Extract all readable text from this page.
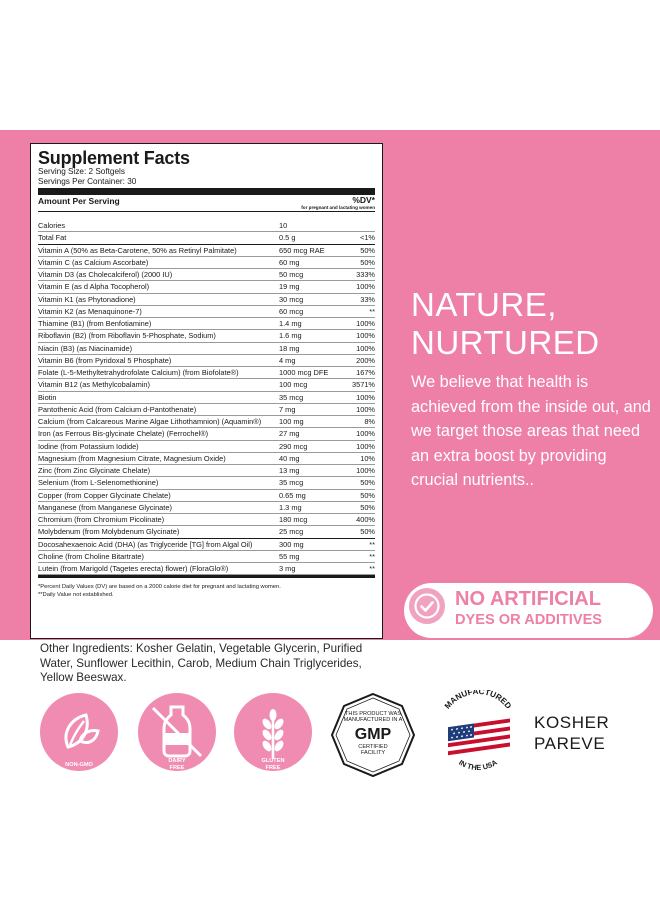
Supplement Facts
Serving Size: 2 Softgels
Servings Per Container: 30
Amount Per Serving	%DV*
for pregnant and lactating women
Calories	10
Total Fat	0.5 g	<1%
Vitamin A (50% as Beta-Carotene, 50% as Retinyl Palmitate)	650 mcg RAE	50%
Vitamin C (as Calcium Ascorbate)	60 mg	50%
Vitamin D3 (as Cholecalciferol) (2000 IU)	50 mcg	333%
Vitamin E (as d Alpha Tocopherol)	19 mg	100%
Vitamin K1 (as Phytonadione)	30 mcg	33%
Vitamin K2 (as Menaquinone-7)	60 mcg	**
Thiamine (B1) (from Benfotiamine)	1.4 mg	100%
Riboflavin (B2) (from Riboflavin 5-Phosphate, Sodium)	1.6 mg	100%
Niacin (B3) (as Niacinamide)	18 mg	100%
Vitamin B6 (from Pyridoxal 5 Phosphate)	4 mg	200%
Folate (L-5-Methyltetrahydrofolate Calcium) (from Biofolate®)	1000 mcg DFE	167%
Vitamin B12 (as Methylcobalamin)	100 mcg	3571%
Biotin	35 mcg	100%
Pantothenic Acid (from Calcium d-Pantothenate)	7 mg	100%
Calcium (from Calcareous Marine Algae Lithothamnion) (Aquamin®)	100 mg	8%
Iron (as Ferrous Bis-glycinate Chelate) (Ferrochel®)	27 mg	100%
Iodine (from Potassium Iodide)	290 mcg	100%
Magnesium (from Magnesium Citrate, Magnesium Oxide)	40 mg	10%
Zinc (from Zinc Glycinate Chelate)	13 mg	100%
Selenium (from L-Selenomethionine)	35 mcg	50%
Copper (from Copper Glycinate Chelate)	0.65 mg	50%
Manganese (from Manganese Glycinate)	1.3 mg	50%
Chromium (from Chromium Picolinate)	180 mcg	400%
Molybdenum (from Molybdenum Glycinate)	25 mcg	50%
Docosahexaenoic Acid (DHA) (as Triglyceride [TG] from Algal Oil)	300 mg	**
Choline (from Choline Bitartrate)	55 mg	**
Lutein (from Marigold (Tagetes erecta) flower) (FloraGlo®)	3 mg	**
*Percent Daily Values (DV) are based on a 2000 calorie diet for pregnant and lactating women.
**Daily Value not established.
Other Ingredients: Kosher Gelatin, Vegetable Glycerin, Purified Water, Sunflower Lecithin, Carob, Medium Chain Triglycerides, Yellow Beeswax.
NATURE,
NURTURED
We believe that health is achieved from the inside out, and we target those areas that need an extra boost by providing crucial nutrients..
NO ARTIFICIAL
DYES OR ADDITIVES
NON-GMO
DAIRY
FREE
GLUTEN
FREE
THIS PRODUCT WAS
MANUFACTURED IN A
GMP
CERTIFIED
FACILITY
MANUFACTURED
IN THE USA
KOSHER
PAREVE
